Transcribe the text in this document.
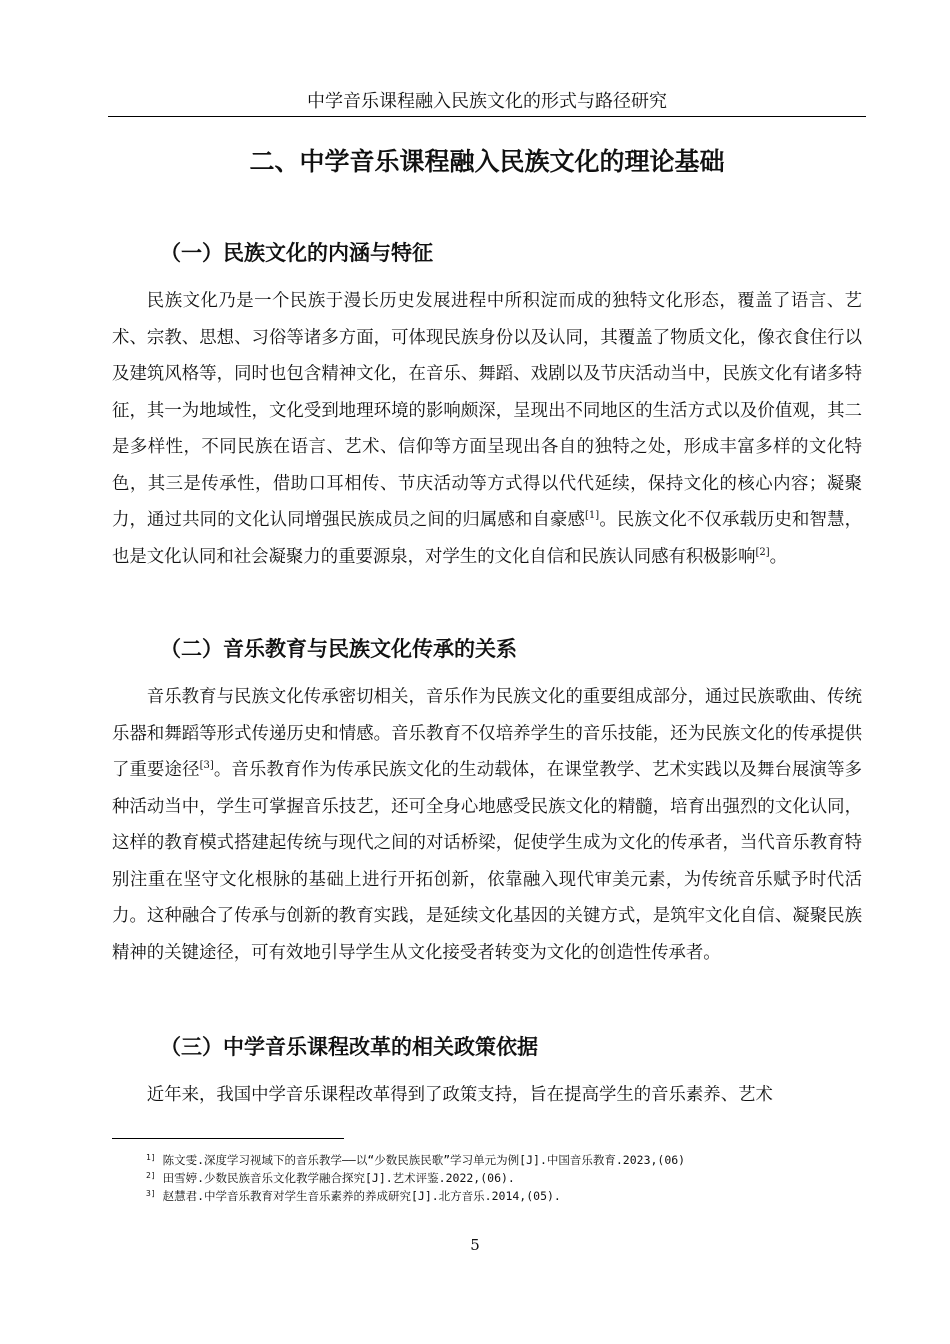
中学音乐课程融入民族文化的形式与路径研究
二、中学音乐课程融入民族文化的理论基础
（一）民族文化的内涵与特征

民族文化乃是一个民族于漫长历史发展进程中所积淀而成的独特文化形态，覆盖了语言、艺术、宗教、思想、习俗等诸多方面，可体现民族身份以及认同，其覆盖了物质文化，像衣食住行以及建筑风格等，同时也包含精神文化，在音乐、舞蹈、戏剧以及节庆活动当中，民族文化有诸多特征，其一为地域性，文化受到地理环境的影响颇深，呈现出不同地区的生活方式以及价值观，其二是多样性，不同民族在语言、艺术、信仰等方面呈现出各自的独特之处，形成丰富多样的文化特色，其三是传承性，借助口耳相传、节庆活动等方式得以代代延续，保持文化的核心内容；凝聚力，通过共同的文化认同增强民族成员之间的归属感和自豪感[1]。民族文化不仅承载历史和智慧，也是文化认同和社会凝聚力的重要源泉，对学生的文化自信和民族认同感有积极影响[2]。

（二）音乐教育与民族文化传承的关系

音乐教育与民族文化传承密切相关，音乐作为民族文化的重要组成部分，通过民族歌曲、传统乐器和舞蹈等形式传递历史和情感。音乐教育不仅培养学生的音乐技能，还为民族文化的传承提供了重要途径[3]。音乐教育作为传承民族文化的生动载体，在课堂教学、艺术实践以及舞台展演等多种活动当中，学生可掌握音乐技艺，还可全身心地感受民族文化的精髓，培育出强烈的文化认同，这样的教育模式搭建起传统与现代之间的对话桥梁，促使学生成为文化的传承者，当代音乐教育特别注重在坚守文化根脉的基础上进行开拓创新，依靠融入现代审美元素，为传统音乐赋予时代活力。这种融合了传承与创新的教育实践，是延续文化基因的关键方式，是筑牢文化自信、凝聚民族精神的关键途径，可有效地引导学生从文化接受者转变为文化的创造性传承者。

（三）中学音乐课程改革的相关政策依据

近年来，我国中学音乐课程改革得到了政策支持，旨在提高学生的音乐素养、艺术

$^{1]}$ 陈文雯.深度学习视域下的音乐教学——以“少数民族民歌”学习单元为例[J].中国音乐教育.2023,(06)
$^{2]}$ 田雪婷.少数民族音乐文化教学融合探究[J].艺术评鉴.2022,(06).
$^{3]}$ 赵慧君.中学音乐教育对学生音乐素养的养成研究[J].北方音乐.2014,(05).
5
